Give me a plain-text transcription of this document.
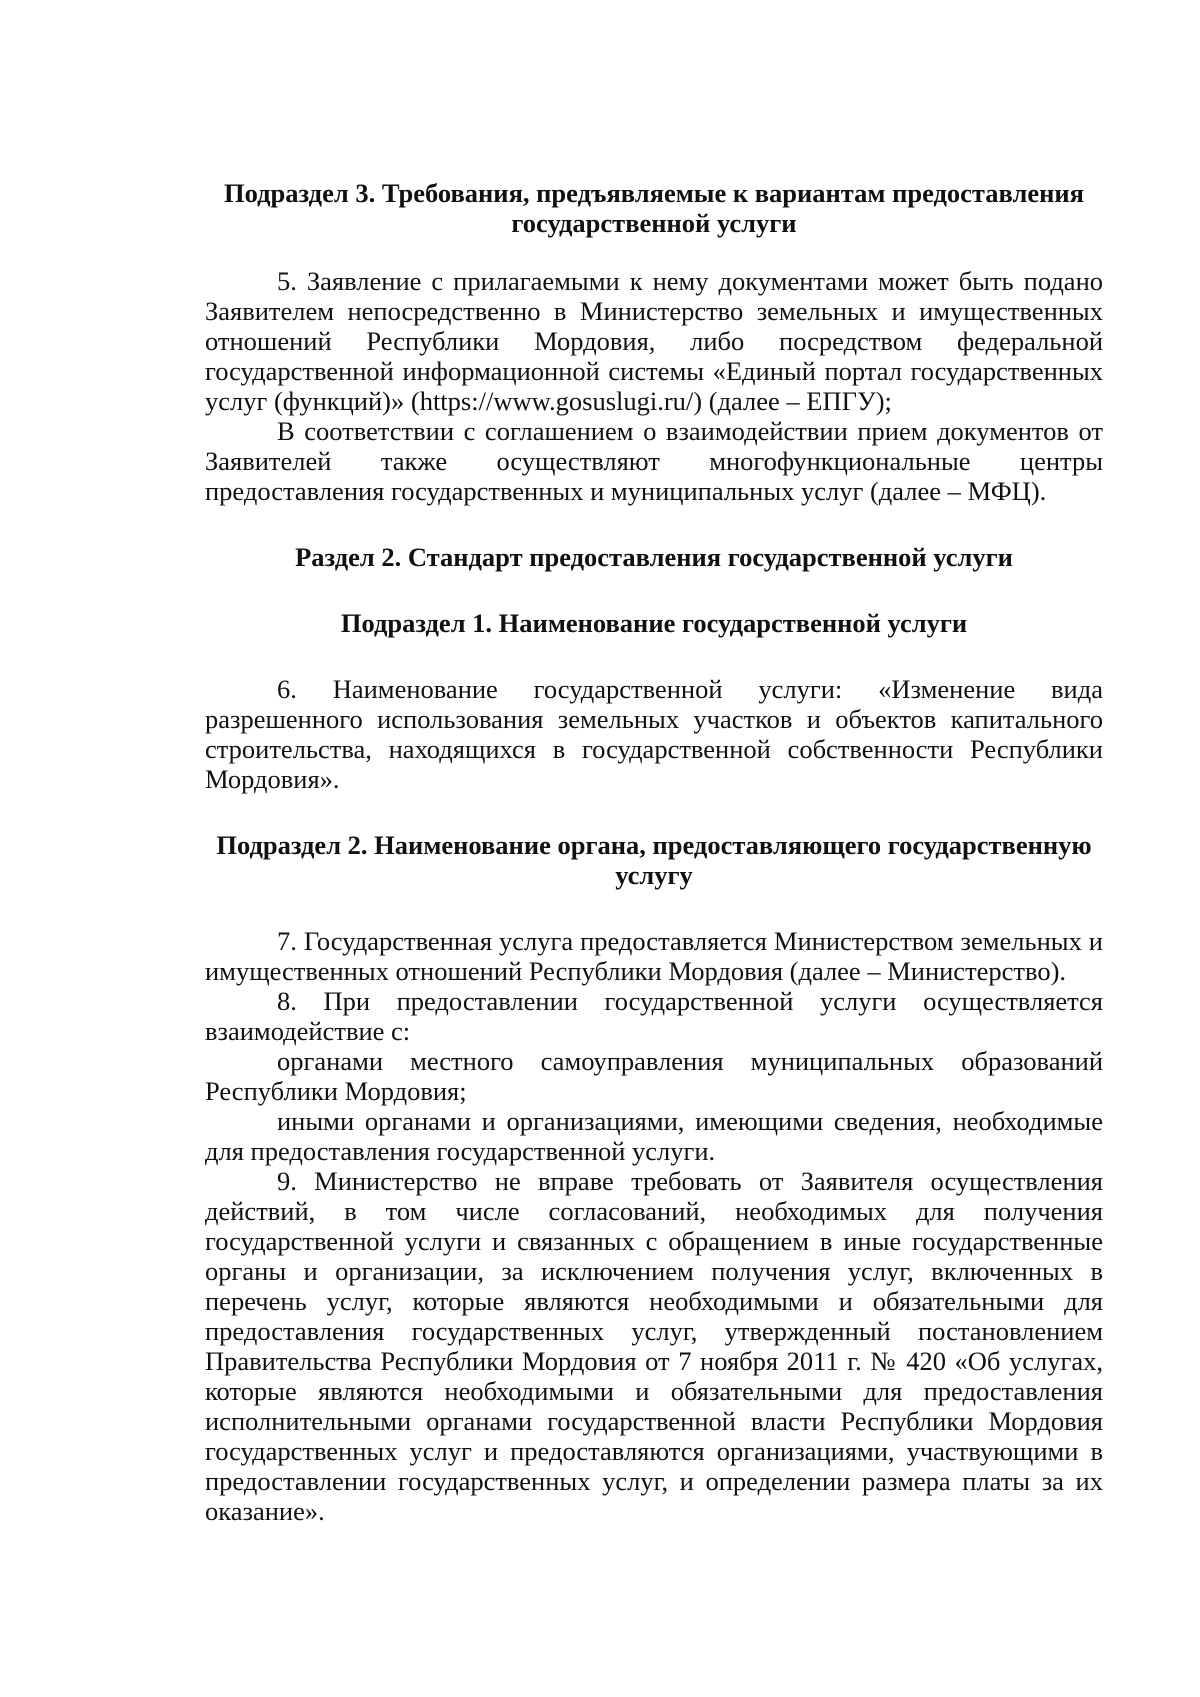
Подраздел 3. Требования, предъявляемые к вариантам предоставления государственной услуги

5. Заявление с прилагаемыми к нему документами может быть подано Заявителем непосредственно в Министерство земельных и имущественных отношений Республики Мордовия, либо посредством федеральной государственной информационной системы «Единый портал государственных услуг (функций)» (https://www.gosuslugi.ru/) (далее – ЕПГУ);

В соответствии с соглашением о взаимодействии прием документов от Заявителей также осуществляют многофункциональные центры предоставления государственных и муниципальных услуг (далее – МФЦ).

Раздел 2. Стандарт предоставления государственной услуги

Подраздел 1. Наименование государственной услуги

6. Наименование государственной услуги: «Изменение вида разрешенного использования земельных участков и объектов капитального строительства, находящихся в государственной собственности Республики Мордовия».

Подраздел 2. Наименование органа, предоставляющего государственную услугу

7. Государственная услуга предоставляется Министерством земельных и имущественных отношений Республики Мордовия (далее – Министерство).

8. При предоставлении государственной услуги осуществляется взаимодействие с:

органами местного самоуправления муниципальных образований Республики Мордовия;

иными органами и организациями, имеющими сведения, необходимые для предоставления государственной услуги.

9. Министерство не вправе требовать от Заявителя осуществления действий, в том числе согласований, необходимых для получения государственной услуги и связанных с обращением в иные государственные органы и организации, за исключением получения услуг, включенных в перечень услуг, которые являются необходимыми и обязательными для предоставления государственных услуг, утвержденный постановлением Правительства Республики Мордовия от 7 ноября 2011 г. № 420 «Об услугах, которые являются необходимыми и обязательными для предоставления исполнительными органами государственной власти Республики Мордовия государственных услуг и предоставляются организациями, участвующими в предоставлении государственных услуг, и определении размера платы за их оказание».
